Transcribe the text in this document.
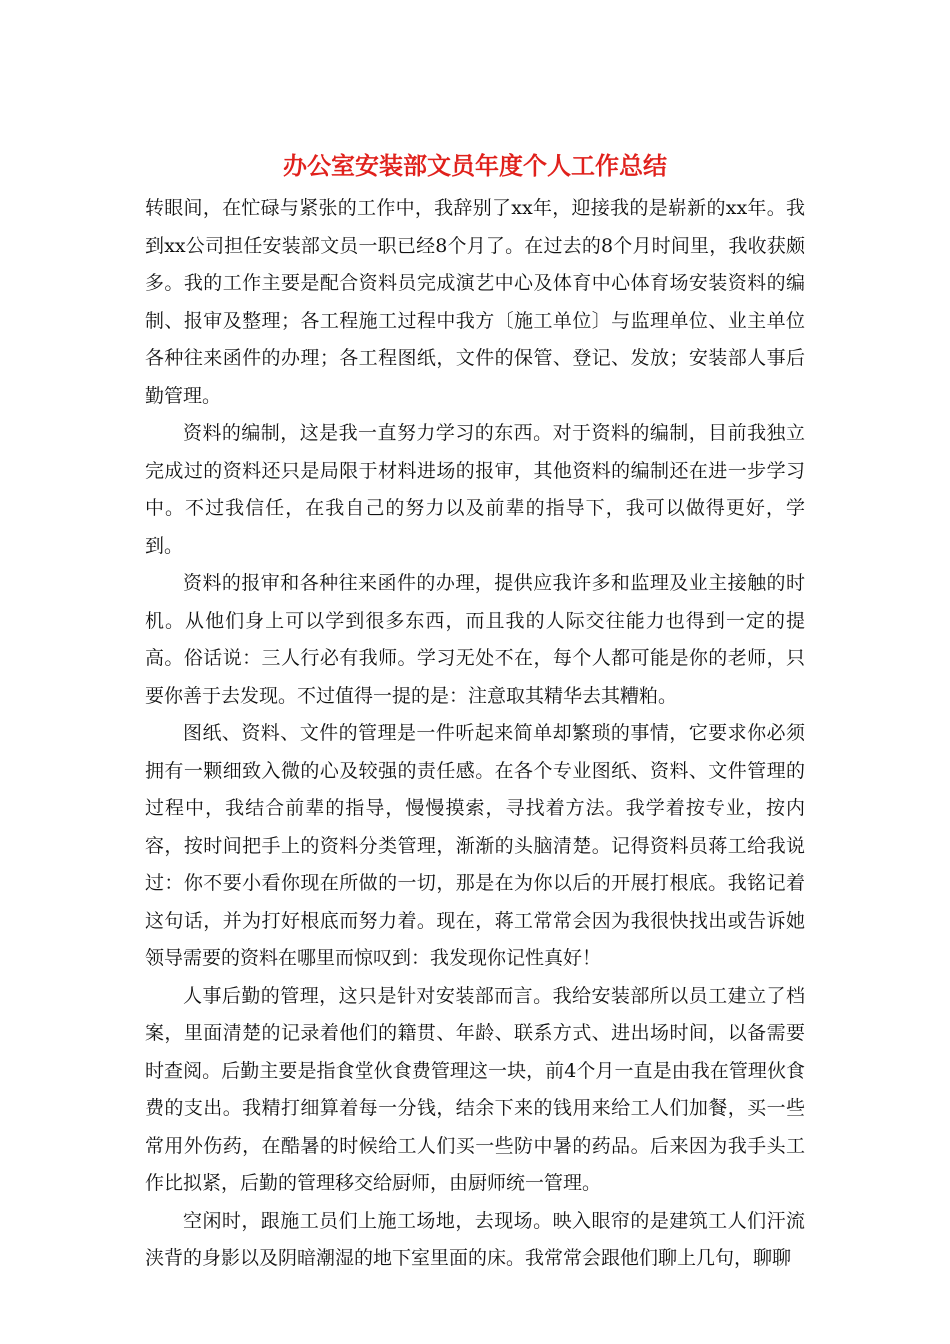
办公室安装部文员年度个人工作总结

转眼间，在忙碌与紧张的工作中，我辞别了xx年，迎接我的是崭新的xx年。我到xx公司担任安装部文员一职已经8个月了。在过去的8个月时间里，我收获颇多。我的工作主要是配合资料员完成演艺中心及体育中心体育场安装资料的编制、报审及整理；各工程施工过程中我方〔施工单位〕与监理单位、业主单位各种往来函件的办理；各工程图纸，文件的保管、登记、发放；安装部人事后勤管理。

资料的编制，这是我一直努力学习的东西。对于资料的编制，目前我独立完成过的资料还只是局限于材料进场的报审，其他资料的编制还在进一步学习中。不过我信任，在我自己的努力以及前辈的指导下，我可以做得更好，学到。

资料的报审和各种往来函件的办理，提供应我许多和监理及业主接触的时机。从他们身上可以学到很多东西，而且我的人际交往能力也得到一定的提高。俗话说：三人行必有我师。学习无处不在，每个人都可能是你的老师，只要你善于去发现。不过值得一提的是：注意取其精华去其糟粕。

图纸、资料、文件的管理是一件听起来简单却繁琐的事情，它要求你必须拥有一颗细致入微的心及较强的责任感。在各个专业图纸、资料、文件管理的过程中，我结合前辈的指导，慢慢摸索，寻找着方法。我学着按专业，按内容，按时间把手上的资料分类管理，渐渐的头脑清楚。记得资料员蒋工给我说过：你不要小看你现在所做的一切，那是在为你以后的开展打根底。我铭记着这句话，并为打好根底而努力着。现在，蒋工常常会因为我很快找出或告诉她领导需要的资料在哪里而惊叹到：我发现你记性真好！

人事后勤的管理，这只是针对安装部而言。我给安装部所以员工建立了档案，里面清楚的记录着他们的籍贯、年龄、联系方式、进出场时间，以备需要时查阅。后勤主要是指食堂伙食费管理这一块，前4个月一直是由我在管理伙食费的支出。我精打细算着每一分钱，结余下来的钱用来给工人们加餐，买一些常用外伤药，在酷暑的时候给工人们买一些防中暑的药品。后来因为我手头工作比拟紧，后勤的管理移交给厨师，由厨师统一管理。

空闲时，跟施工员们上施工场地，去现场。映入眼帘的是建筑工人们汗流浃背的身影以及阴暗潮湿的地下室里面的床。我常常会跟他们聊上几句，聊聊
